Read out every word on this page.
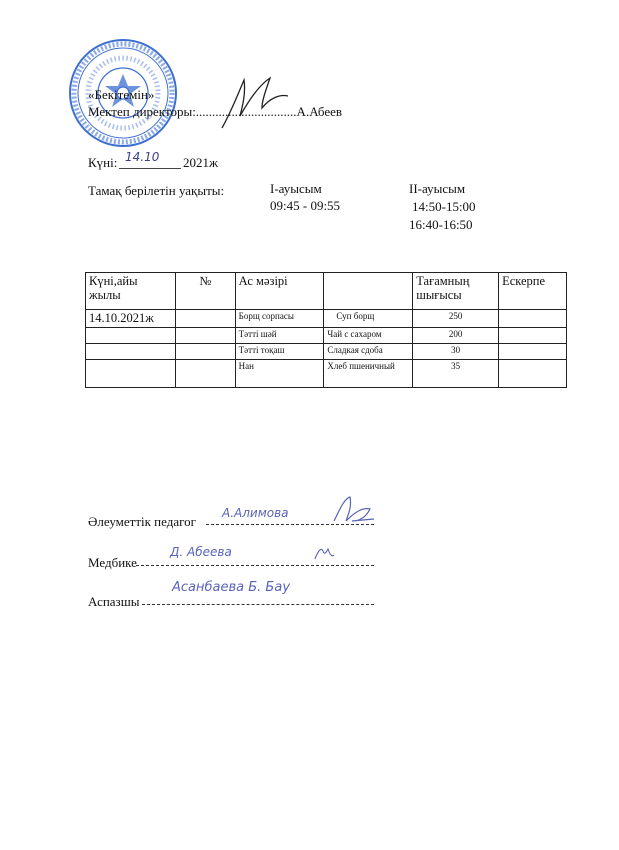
«Бекітемін»
Мектеп директоры:...............................А.Абеев
Күні: 14.10 2021ж
Тамақ берілетін уақыты:	I-ауысым
09:45 - 09:55
II-ауысым
14:50-15:00
16:40-16:50
Күні,айы жылы	№	Ас мәзірі		Тағамның шығысы	Ескерпе
14.10.2021ж		Борщ сорпасы	Суп борщ	250	
		Тәтті шәй	Чай с сахаром	200	
		Тәтті тоқаш	Сладкая сдоба	30	
		Нан	Хлеб пшеничный	35	
Әлеуметтік педагог
А.Алимова
Медбике
Д. Абеева
Аспазшы
Асанбаева Б. Бау
